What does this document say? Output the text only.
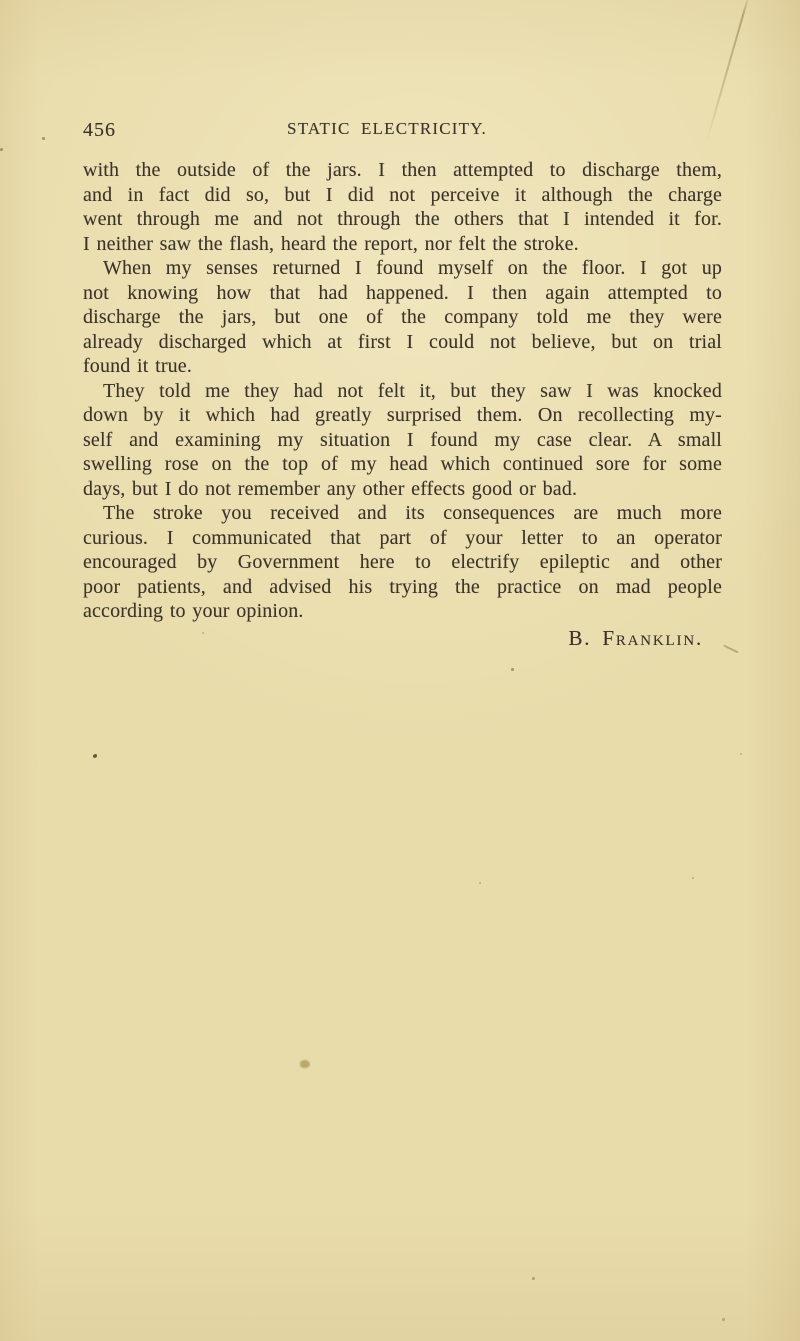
456	STATIC ELECTRICITY.
with the outside of the jars. I then attempted to discharge them,
and in fact did so, but I did not perceive it although the charge
went through me and not through the others that I intended it for.
I neither saw the flash, heard the report, nor felt the stroke.
When my senses returned I found myself on the floor. I got up
not knowing how that had happened. I then again attempted to
discharge the jars, but one of the company told me they were
already discharged which at first I could not believe, but on trial
found it true.
They told me they had not felt it, but they saw I was knocked
down by it which had greatly surprised them. On recollecting my-
self and examining my situation I found my case clear. A small
swelling rose on the top of my head which continued sore for some
days, but I do not remember any other effects good or bad.
The stroke you received and its consequences are much more
curious. I communicated that part of your letter to an operator
encouraged by Government here to electrify epileptic and other
poor patients, and advised his trying the practice on mad people
according to your opinion.
B. Franklin.
